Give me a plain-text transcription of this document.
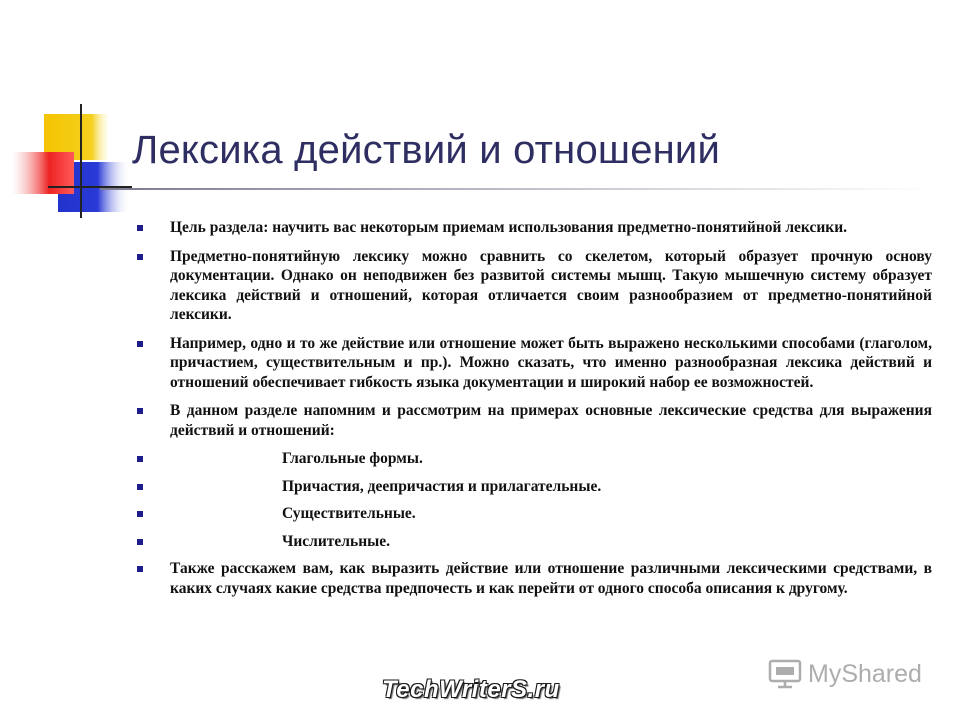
Лексика действий и отношений
Цель раздела: научить вас некоторым приемам использования предметно-понятийной лексики.
Предметно-понятийную лексику можно сравнить со скелетом, который образует прочную основу документации. Однако он неподвижен без развитой системы мышц. Такую мышечную систему образует лексика действий и отношений, которая отличается своим разнообразием от предметно-понятийной лексики.
Например, одно и то же действие или отношение может быть выражено несколькими способами (глаголом, причастием, существительным и пр.). Можно сказать, что именно разнообразная лексика действий и отношений обеспечивает гибкость языка документации и широкий набор ее возможностей.
В данном разделе напомним и рассмотрим на примерах основные лексические средства для выражения действий и отношений:
Глагольные формы.
Причастия, деепричастия и прилагательные.
Существительные.
Числительные.
Также расскажем вам, как выразить действие или отношение различными лексическими средствами, в каких случаях какие средства предпочесть и как перейти от одного способа описания к другому.
TechWriterS.ru
MyShared
